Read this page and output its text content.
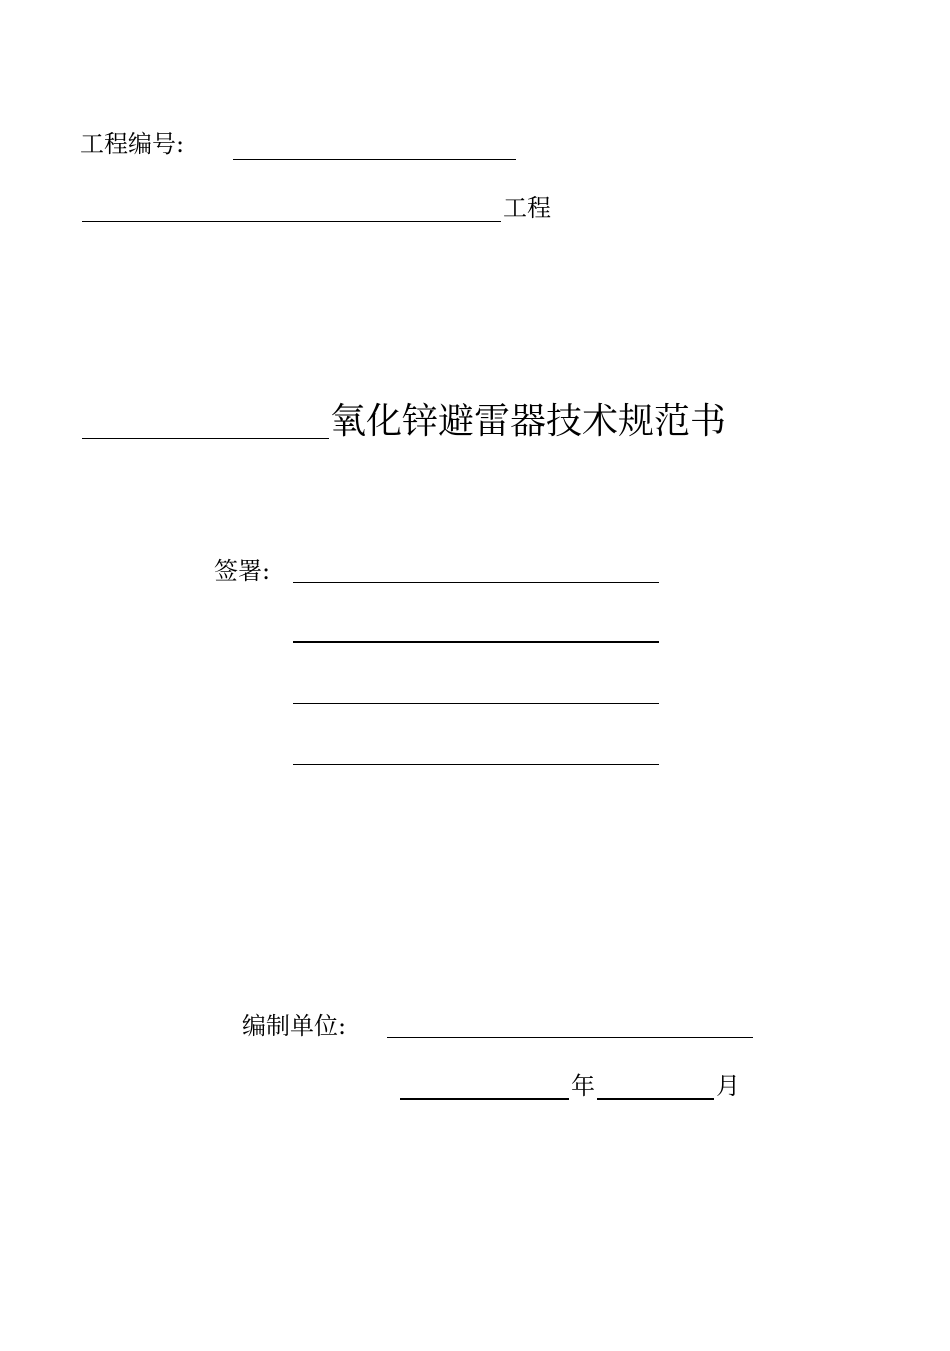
工程编号:
工程
氧化锌避雷器技术规范书
签署:
编制单位:
年	月
